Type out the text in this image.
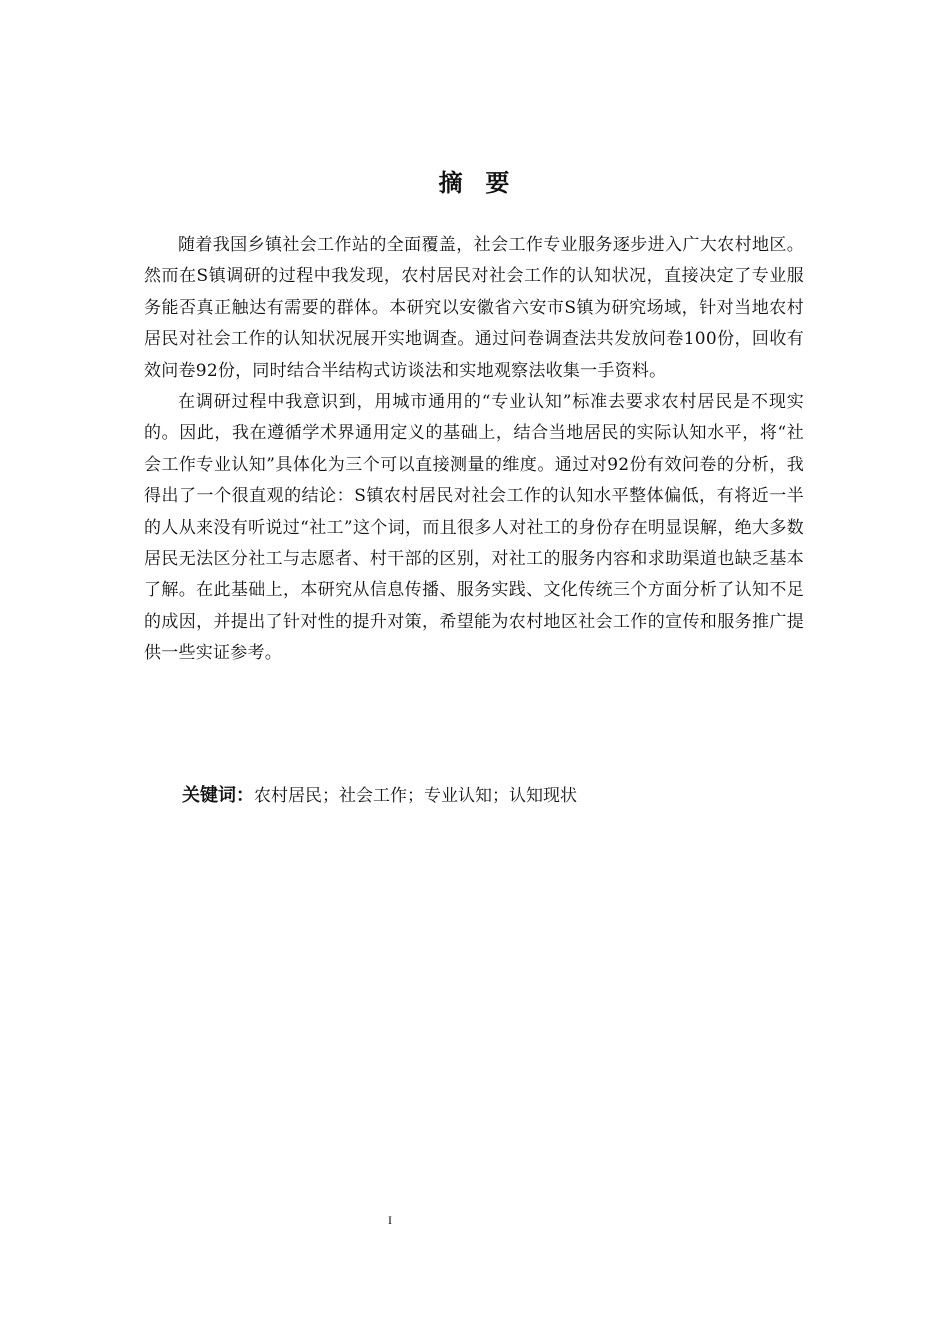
摘  要

随着我国乡镇社会工作站的全面覆盖，社会工作专业服务逐步进入广大农村地区。然而在S镇调研的过程中我发现，农村居民对社会工作的认知状况，直接决定了专业服务能否真正触达有需要的群体。本研究以安徽省六安市S镇为研究场域，针对当地农村居民对社会工作的认知状况展开实地调查。通过问卷调查法共发放问卷100份，回收有效问卷92份，同时结合半结构式访谈法和实地观察法收集一手资料。

在调研过程中我意识到，用城市通用的“专业认知”标准去要求农村居民是不现实的。因此，我在遵循学术界通用定义的基础上，结合当地居民的实际认知水平，将“社会工作专业认知”具体化为三个可以直接测量的维度。通过对92份有效问卷的分析，我得出了一个很直观的结论：S镇农村居民对社会工作的认知水平整体偏低，有将近一半的人从来没有听说过“社工”这个词，而且很多人对社工的身份存在明显误解，绝大多数居民无法区分社工与志愿者、村干部的区别，对社工的服务内容和求助渠道也缺乏基本了解。在此基础上，本研究从信息传播、服务实践、文化传统三个方面分析了认知不足的成因，并提出了针对性的提升对策，希望能为农村地区社会工作的宣传和服务推广提供一些实证参考。

关键词：农村居民；社会工作；专业认知；认知现状
I
